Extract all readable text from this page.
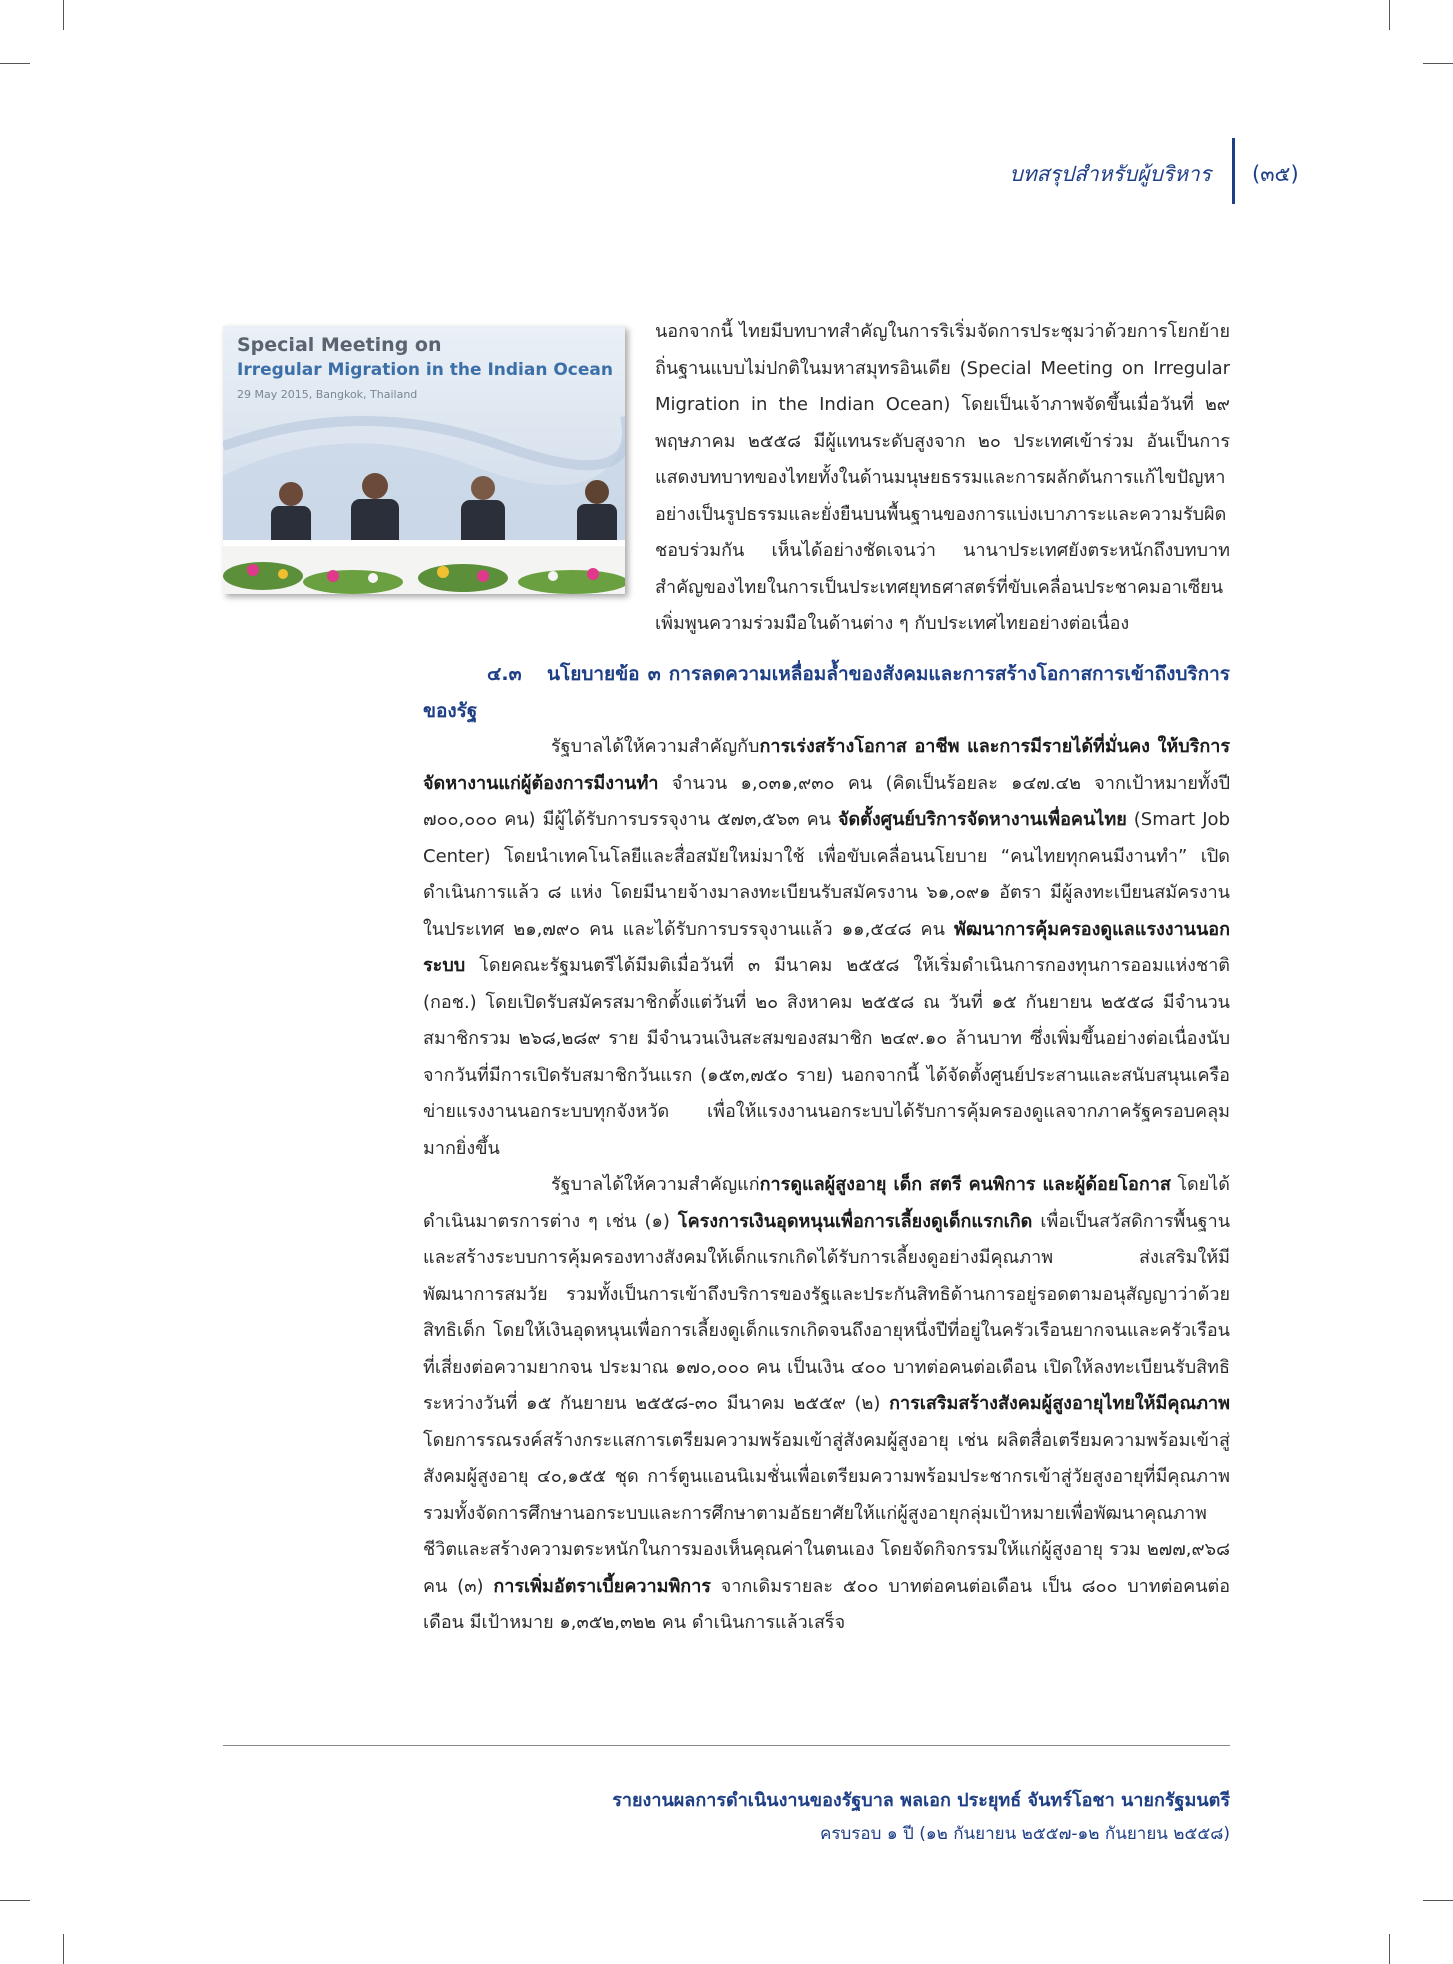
บทสรุปสำหรับผู้บริหาร (๓๕)
Special Meeting on
Irregular Migration in the Indian Ocean
29 May 2015, Bangkok, Thailand

นอกจากนี้ ไทยมีบทบาทสำคัญในการริเริ่มจัดการประชุมว่าด้วยการโยกย้ายถิ่นฐานแบบไม่ปกติในมหาสมุทรอินเดีย (Special Meeting on Irregular Migration in the Indian Ocean) โดยเป็นเจ้าภาพจัดขึ้นเมื่อวันที่ ๒๙ พฤษภาคม ๒๕๕๘ มีผู้แทนระดับสูงจาก ๒๐ ประเทศเข้าร่วม อันเป็นการแสดงบทบาทของไทยทั้งในด้านมนุษยธรรมและการผลักดันการแก้ไขปัญหาอย่างเป็นรูปธรรมและยั่งยืนบนพื้นฐานของการแบ่งเบาภาระและความรับผิดชอบร่วมกัน เห็นได้อย่างชัดเจนว่า นานาประเทศยังตระหนักถึงบทบาทสำคัญของไทยในการเป็นประเทศยุทธศาสตร์ที่ขับเคลื่อนประชาคมอาเซียน เพิ่มพูนความร่วมมือในด้านต่าง ๆ กับประเทศไทยอย่างต่อเนื่อง

๔.๓ นโยบายข้อ ๓ การลดความเหลื่อมล้ำของสังคมและการสร้างโอกาสการเข้าถึงบริการของรัฐ

รัฐบาลได้ให้ความสำคัญกับการเร่งสร้างโอกาส อาชีพ และการมีรายได้ที่มั่นคง ให้บริการจัดหางานแก่ผู้ต้องการมีงานทำ จำนวน ๑,๐๓๑,๙๓๐ คน (คิดเป็นร้อยละ ๑๔๗.๔๒ จากเป้าหมายทั้งปี ๗๐๐,๐๐๐ คน) มีผู้ได้รับการบรรจุงาน ๕๗๓,๕๖๓ คน จัดตั้งศูนย์บริการจัดหางานเพื่อคนไทย (Smart Job Center) โดยนำเทคโนโลยีและสื่อสมัยใหม่มาใช้ เพื่อขับเคลื่อนนโยบาย “คนไทยทุกคนมีงานทำ” เปิดดำเนินการแล้ว ๘ แห่ง โดยมีนายจ้างมาลงทะเบียนรับสมัครงาน ๖๑,๐๙๑ อัตรา มีผู้ลงทะเบียนสมัครงานในประเทศ ๒๑,๗๙๐ คน และได้รับการบรรจุงานแล้ว ๑๑,๕๔๘ คน พัฒนาการคุ้มครองดูแลแรงงานนอกระบบ โดยคณะรัฐมนตรีได้มีมติเมื่อวันที่ ๓ มีนาคม ๒๕๕๘ ให้เริ่มดำเนินการกองทุนการออมแห่งชาติ (กอช.) โดยเปิดรับสมัครสมาชิกตั้งแต่วันที่ ๒๐ สิงหาคม ๒๕๕๘ ณ วันที่ ๑๕ กันยายน ๒๕๕๘ มีจำนวนสมาชิกรวม ๒๖๘,๒๘๙ ราย มีจำนวนเงินสะสมของสมาชิก ๒๔๙.๑๐ ล้านบาท ซึ่งเพิ่มขึ้นอย่างต่อเนื่องนับจากวันที่มีการเปิดรับสมาชิกวันแรก (๑๕๓,๗๕๐ ราย) นอกจากนี้ ได้จัดตั้งศูนย์ประสานและสนับสนุนเครือข่ายแรงงานนอกระบบทุกจังหวัด เพื่อให้แรงงานนอกระบบได้รับการคุ้มครองดูแลจากภาครัฐครอบคลุมมากยิ่งขึ้น

รัฐบาลได้ให้ความสำคัญแก่การดูแลผู้สูงอายุ เด็ก สตรี คนพิการ และผู้ด้อยโอกาส โดยได้ดำเนินมาตรการต่าง ๆ เช่น (๑) โครงการเงินอุดหนุนเพื่อการเลี้ยงดูเด็กแรกเกิด เพื่อเป็นสวัสดิการพื้นฐานและสร้างระบบการคุ้มครองทางสังคมให้เด็กแรกเกิดได้รับการเลี้ยงดูอย่างมีคุณภาพ ส่งเสริมให้มีพัฒนาการสมวัย รวมทั้งเป็นการเข้าถึงบริการของรัฐและประกันสิทธิด้านการอยู่รอดตามอนุสัญญาว่าด้วยสิทธิเด็ก โดยให้เงินอุดหนุนเพื่อการเลี้ยงดูเด็กแรกเกิดจนถึงอายุหนึ่งปีที่อยู่ในครัวเรือนยากจนและครัวเรือนที่เสี่ยงต่อความยากจน ประมาณ ๑๗๐,๐๐๐ คน เป็นเงิน ๔๐๐ บาทต่อคนต่อเดือน เปิดให้ลงทะเบียนรับสิทธิระหว่างวันที่ ๑๕ กันยายน ๒๕๕๘-๓๐ มีนาคม ๒๕๕๙ (๒) การเสริมสร้างสังคมผู้สูงอายุไทยให้มีคุณภาพ โดยการรณรงค์สร้างกระแสการเตรียมความพร้อมเข้าสู่สังคมผู้สูงอายุ เช่น ผลิตสื่อเตรียมความพร้อมเข้าสู่สังคมผู้สูงอายุ ๔๐,๑๕๕ ชุด การ์ตูนแอนนิเมชั่นเพื่อเตรียมความพร้อมประชากรเข้าสู่วัยสูงอายุที่มีคุณภาพ รวมทั้งจัดการศึกษานอกระบบและการศึกษาตามอัธยาศัยให้แก่ผู้สูงอายุกลุ่มเป้าหมายเพื่อพัฒนาคุณภาพชีวิตและสร้างความตระหนักในการมองเห็นคุณค่าในตนเอง โดยจัดกิจกรรมให้แก่ผู้สูงอายุ รวม ๒๗๗,๙๖๘ คน (๓) การเพิ่มอัตราเบี้ยความพิการ จากเดิมรายละ ๕๐๐ บาทต่อคนต่อเดือน เป็น ๘๐๐ บาทต่อคนต่อเดือน มีเป้าหมาย ๑,๓๕๒,๓๒๒ คน ดำเนินการแล้วเสร็จ

รายงานผลการดำเนินงานของรัฐบาล พลเอก ประยุทธ์ จันทร์โอชา นายกรัฐมนตรี
ครบรอบ ๑ ปี (๑๒ กันยายน ๒๕๕๗-๑๒ กันยายน ๒๕๕๘)
